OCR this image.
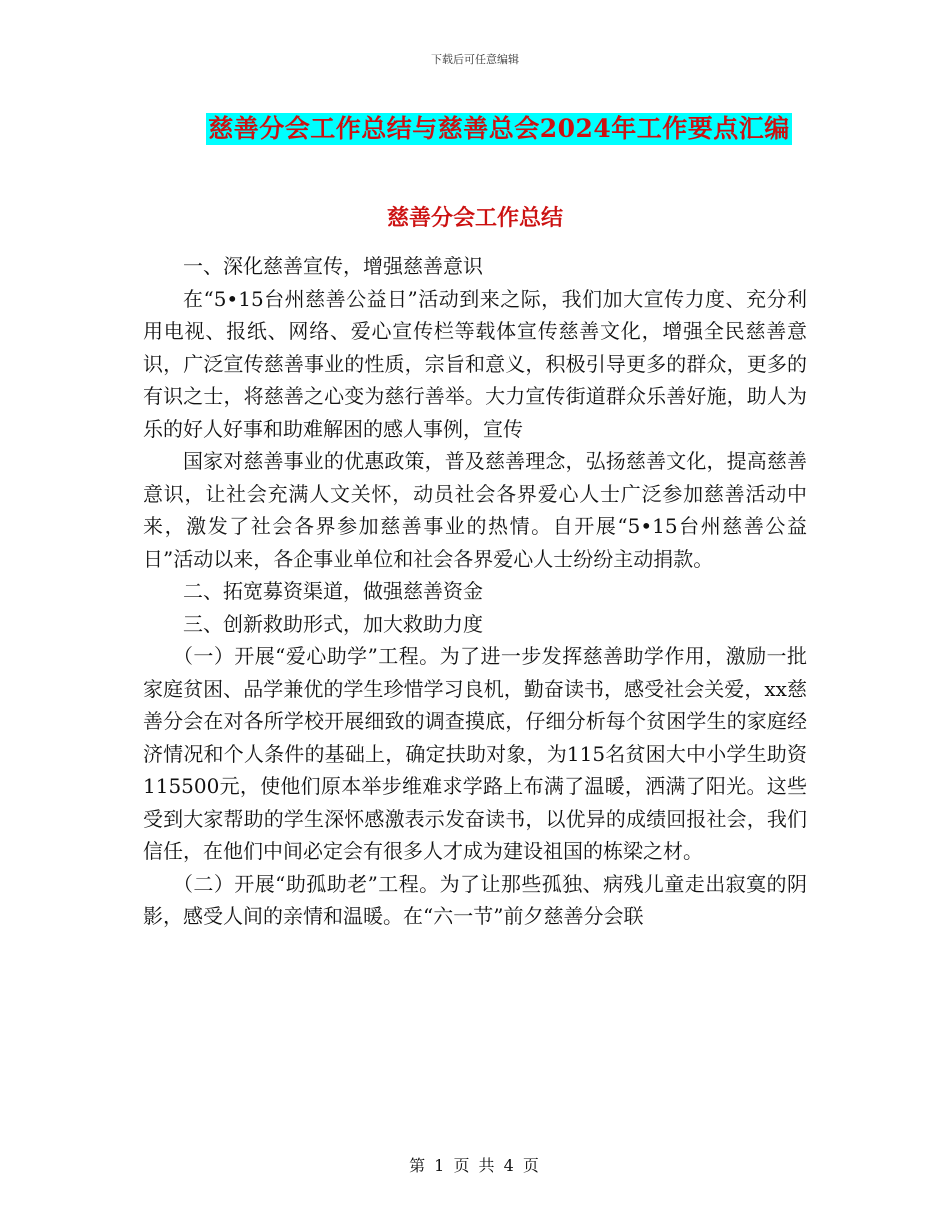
下载后可任意编辑
慈善分会工作总结与慈善总会2024年工作要点汇编
慈善分会工作总结

一、深化慈善宣传，增强慈善意识

在“5•15台州慈善公益日”活动到来之际，我们加大宣传力度、充分利用电视、报纸、网络、爱心宣传栏等载体宣传慈善文化，增强全民慈善意识，广泛宣传慈善事业的性质，宗旨和意义，积极引导更多的群众，更多的有识之士，将慈善之心变为慈行善举。大力宣传街道群众乐善好施，助人为乐的好人好事和助难解困的感人事例，宣传

国家对慈善事业的优惠政策，普及慈善理念，弘扬慈善文化，提高慈善意识，让社会充满人文关怀，动员社会各界爱心人士广泛参加慈善活动中来，激发了社会各界参加慈善事业的热情。自开展“5•15台州慈善公益日”活动以来，各企事业单位和社会各界爱心人士纷纷主动捐款。

二、拓宽募资渠道，做强慈善资金

三、创新救助形式，加大救助力度

（一）开展“爱心助学”工程。为了进一步发挥慈善助学作用，激励一批家庭贫困、品学兼优的学生珍惜学习良机，勤奋读书，感受社会关爱，xx慈善分会在对各所学校开展细致的调查摸底，仔细分析每个贫困学生的家庭经济情况和个人条件的基础上，确定扶助对象，为115名贫困大中小学生助资115500元，使他们原本举步维难求学路上布满了温暖，洒满了阳光。这些受到大家帮助的学生深怀感激表示发奋读书，以优异的成绩回报社会，我们信任，在他们中间必定会有很多人才成为建设祖国的栋梁之材。

（二）开展“助孤助老”工程。为了让那些孤独、病残儿童走出寂寞的阴影，感受人间的亲情和温暖。在“六一节”前夕慈善分会联

第 1 页 共 4 页
